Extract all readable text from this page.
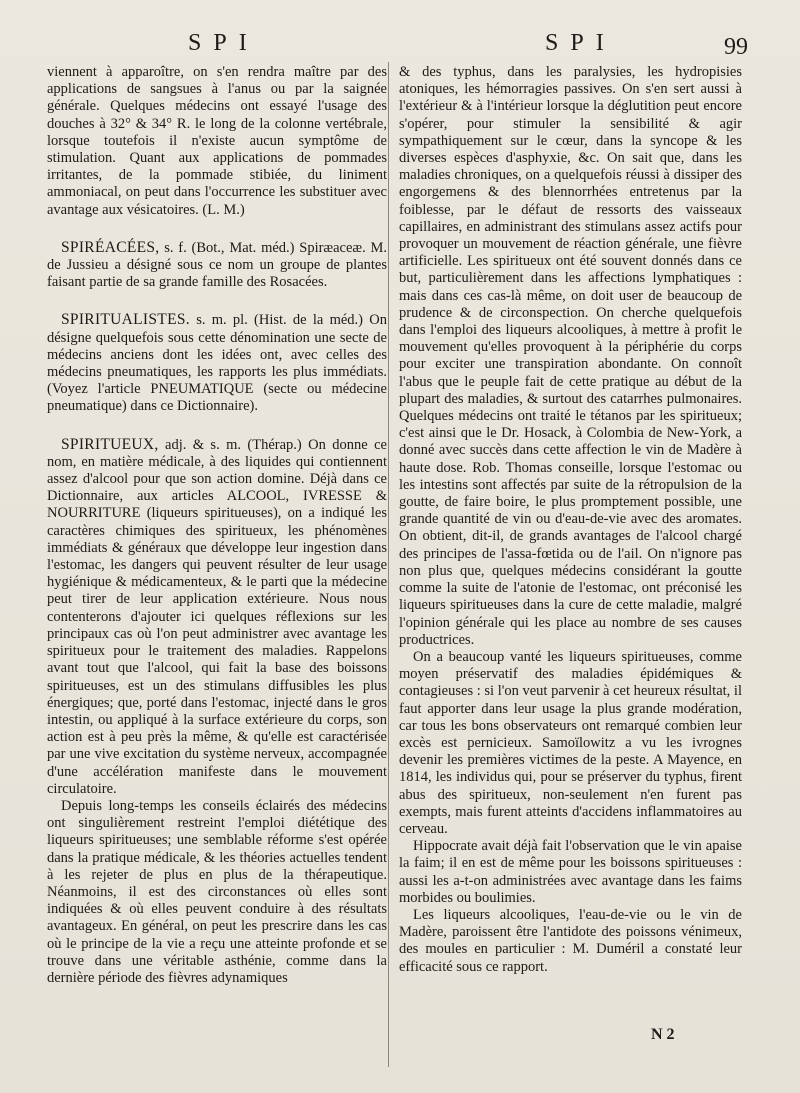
SPI	SPI	99

viennent à apparoître, on s'en rendra maître par des applications de sangsues à l'anus ou par la saignée générale. Quelques médecins ont essayé l'usage des douches à 32° & 34° R. le long de la colonne vertébrale, lorsque toutefois il n'existe aucun symptôme de stimulation. Quant aux applications de pommades irritantes, de la pommade stibiée, du liniment ammoniacal, on peut dans l'occurrence les substituer avec avantage aux vésicatoires. (L. M.)

SPIRÉACÉES, s. f. (Bot., Mat. méd.) Spiræaceæ. M. de Jussieu a désigné sous ce nom un groupe de plantes faisant partie de sa grande famille des Rosacées.

SPIRITUALISTES. s. m. pl. (Hist. de la méd.) On désigne quelquefois sous cette dénomination une secte de médecins anciens dont les idées ont, avec celles des médecins pneumatiques, les rapports les plus immédiats. (Voyez l'article PNEUMATIQUE (secte ou médecine pneumatique) dans ce Dictionnaire).

SPIRITUEUX, adj. & s. m. (Thérap.) On donne ce nom, en matière médicale, à des liquides qui contiennent assez d'alcool pour que son action domine. Déjà dans ce Dictionnaire, aux articles ALCOOL, IVRESSE & NOURRITURE (liqueurs spiritueuses), on a indiqué les caractères chimiques des spiritueux, les phénomènes immédiats & généraux que développe leur ingestion dans l'estomac, les dangers qui peuvent résulter de leur usage hygiénique & médicamenteux, & le parti que la médecine peut tirer de leur application extérieure. Nous nous contenterons d'ajouter ici quelques réflexions sur les principaux cas où l'on peut administrer avec avantage les spiritueux pour le traitement des maladies. Rappelons avant tout que l'alcool, qui fait la base des boissons spiritueuses, est un des stimulans diffusibles les plus énergiques; que, porté dans l'estomac, injecté dans le gros intestin, ou appliqué à la surface extérieure du corps, son action est à peu près la même, & qu'elle est caractérisée par une vive excitation du système nerveux, accompagnée d'une accélération manifeste dans le mouvement circulatoire.

Depuis long-temps les conseils éclairés des médecins ont singulièrement restreint l'emploi diététique des liqueurs spiritueuses; une semblable réforme s'est opérée dans la pratique médicale, & les théories actuelles tendent à les rejeter de plus en plus de la thérapeutique. Néanmoins, il est des circonstances où elles sont indiquées & où elles peuvent conduire à des résultats avantageux. En général, on peut les prescrire dans les cas où le principe de la vie a reçu une atteinte profonde et se trouve dans une véritable asthénie, comme dans la dernière période des fièvres adynamiques

& des typhus, dans les paralysies, les hydropisies atoniques, les hémorragies passives. On s'en sert aussi à l'extérieur & à l'intérieur lorsque la déglutition peut encore s'opérer, pour stimuler la sensibilité & agir sympathiquement sur le cœur, dans la syncope & les diverses espèces d'asphyxie, &c. On sait que, dans les maladies chroniques, on a quelquefois réussi à dissiper des engorgemens & des blennorrhées entretenus par la foiblesse, par le défaut de ressorts des vaisseaux capillaires, en administrant des stimulans assez actifs pour provoquer un mouvement de réaction générale, une fièvre artificielle. Les spiritueux ont été souvent donnés dans ce but, particulièrement dans les affections lymphatiques : mais dans ces cas-là même, on doit user de beaucoup de prudence & de circonspection. On cherche quelquefois dans l'emploi des liqueurs alcooliques, à mettre à profit le mouvement qu'elles provoquent à la périphérie du corps pour exciter une transpiration abondante. On connoît l'abus que le peuple fait de cette pratique au début de la plupart des maladies, & surtout des catarrhes pulmonaires. Quelques médecins ont traité le tétanos par les spiritueux; c'est ainsi que le Dr. Hosack, à Colombia de New-York, a donné avec succès dans cette affection le vin de Madère à haute dose. Rob. Thomas conseille, lorsque l'estomac ou les intestins sont affectés par suite de la rétropulsion de la goutte, de faire boire, le plus promptement possible, une grande quantité de vin ou d'eau-de-vie avec des aromates. On obtient, dit-il, de grands avantages de l'alcool chargé des principes de l'assa-fœtida ou de l'ail. On n'ignore pas non plus que, quelques médecins considérant la goutte comme la suite de l'atonie de l'estomac, ont préconisé les liqueurs spiritueuses dans la cure de cette maladie, malgré l'opinion générale qui les place au nombre de ses causes productrices.

On a beaucoup vanté les liqueurs spiritueuses, comme moyen préservatif des maladies épidémiques & contagieuses : si l'on veut parvenir à cet heureux résultat, il faut apporter dans leur usage la plus grande modération, car tous les bons observateurs ont remarqué combien leur excès est pernicieux. Samoïlowitz a vu les ivrognes devenir les premières victimes de la peste. A Mayence, en 1814, les individus qui, pour se préserver du typhus, firent abus des spiritueux, non-seulement n'en furent pas exempts, mais furent atteints d'accidens inflammatoires au cerveau.

Hippocrate avait déjà fait l'observation que le vin apaise la faim; il en est de même pour les boissons spiritueuses : aussi les a-t-on administrées avec avantage dans les faims morbides ou boulimies.

Les liqueurs alcooliques, l'eau-de-vie ou le vin de Madère, paroissent être l'antidote des poissons vénimeux, des moules en particulier : M. Duméril a constaté leur efficacité sous ce rapport.

N 2
